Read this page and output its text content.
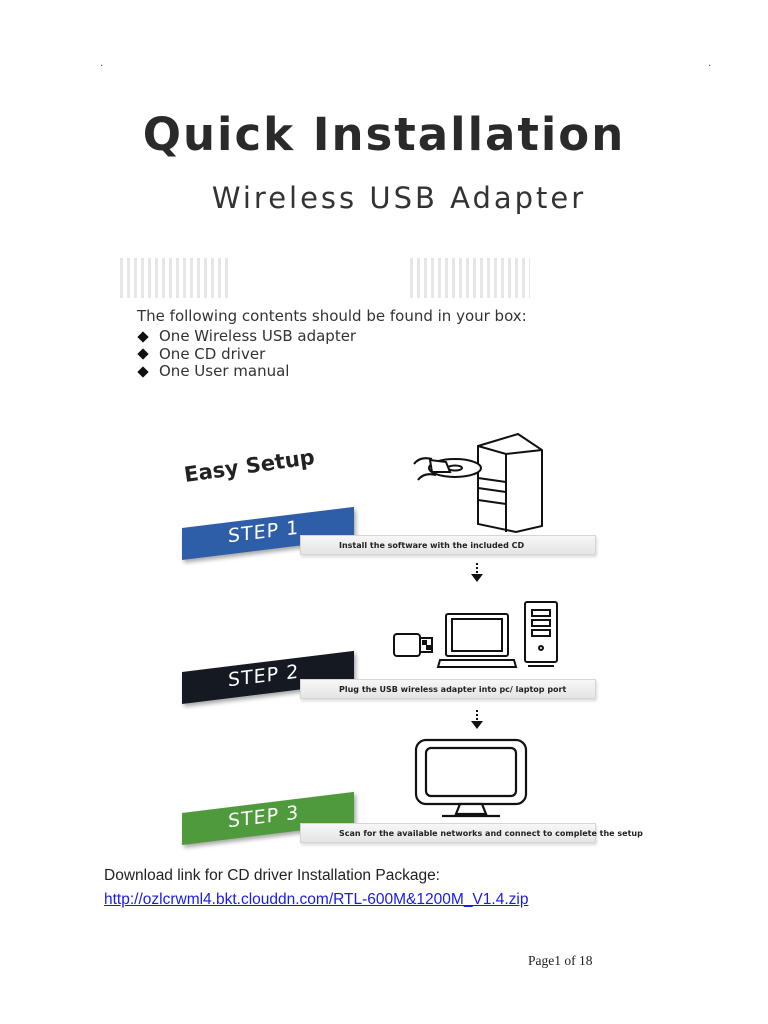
.	.
Quick Installation
Wireless USB Adapter
The following contents should be found in your box:
One Wireless USB adapter
One CD driver
One User manual
Easy Setup
STEP 1	Install the software with the included CD
STEP 2	Plug the USB wireless adapter into pc/ laptop port
STEP 3
Scan for the available networks and connect to complete the setup
Download link for CD driver Installation Package:
http://ozlcrwml4.bkt.clouddn.com/RTL-600M&1200M_V1.4.zip
Page1 of 18
